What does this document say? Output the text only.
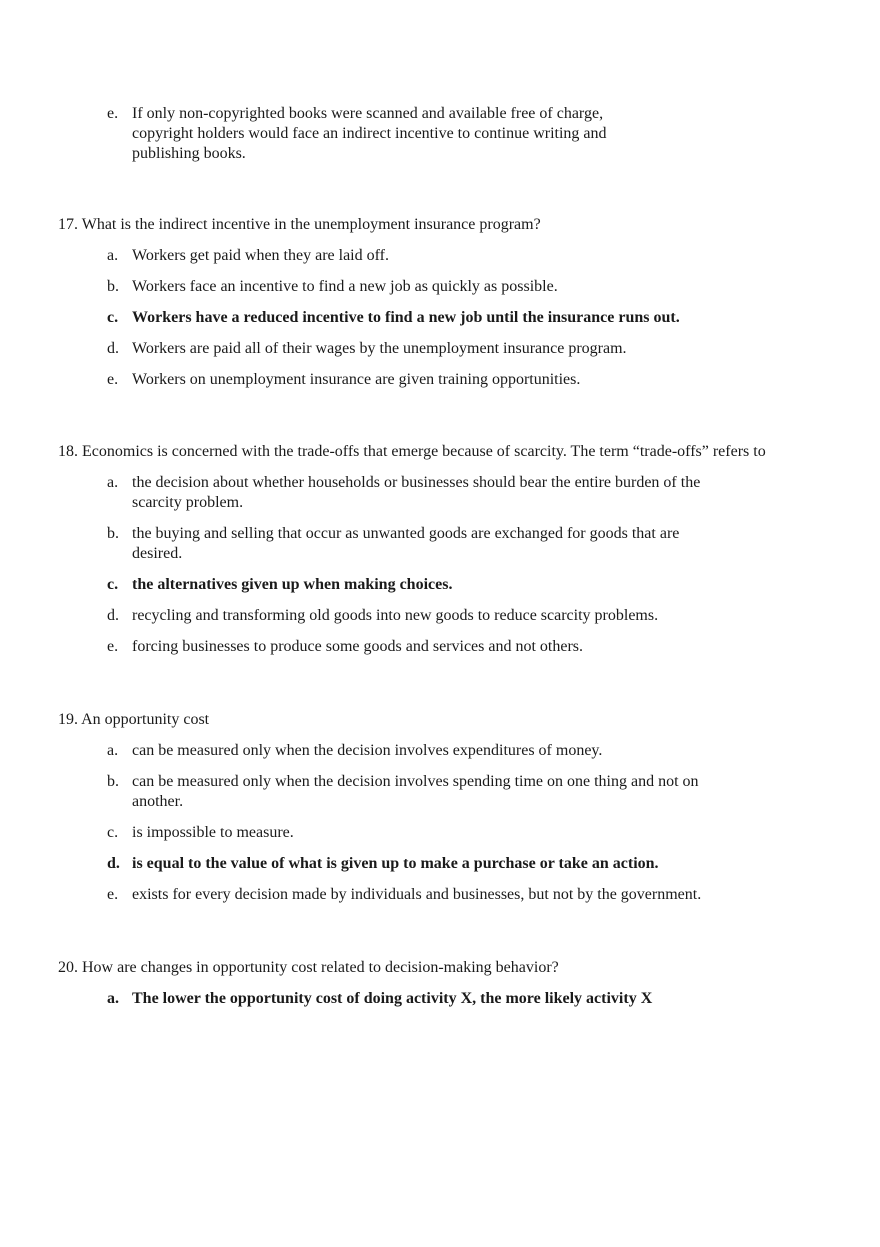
e. If only non-copyrighted books were scanned and available free of charge, copyright holders would face an indirect incentive to continue writing and publishing books.

17. What is the indirect incentive in the unemployment insurance program?

a. Workers get paid when they are laid off.
b. Workers face an incentive to find a new job as quickly as possible.
c. Workers have a reduced incentive to find a new job until the insurance runs out.
d. Workers are paid all of their wages by the unemployment insurance program.
e. Workers on unemployment insurance are given training opportunities.

18. Economics is concerned with the trade-offs that emerge because of scarcity. The term “trade-offs” refers to

a. the decision about whether households or businesses should bear the entire burden of the scarcity problem.
b. the buying and selling that occur as unwanted goods are exchanged for goods that are desired.
c. the alternatives given up when making choices.
d. recycling and transforming old goods into new goods to reduce scarcity problems.
e. forcing businesses to produce some goods and services and not others.

19. An opportunity cost

a. can be measured only when the decision involves expenditures of money.
b. can be measured only when the decision involves spending time on one thing and not on another.
c. is impossible to measure.
d. is equal to the value of what is given up to make a purchase or take an action.
e. exists for every decision made by individuals and businesses, but not by the government.

20. How are changes in opportunity cost related to decision-making behavior?

a. The lower the opportunity cost of doing activity X, the more likely activity X
